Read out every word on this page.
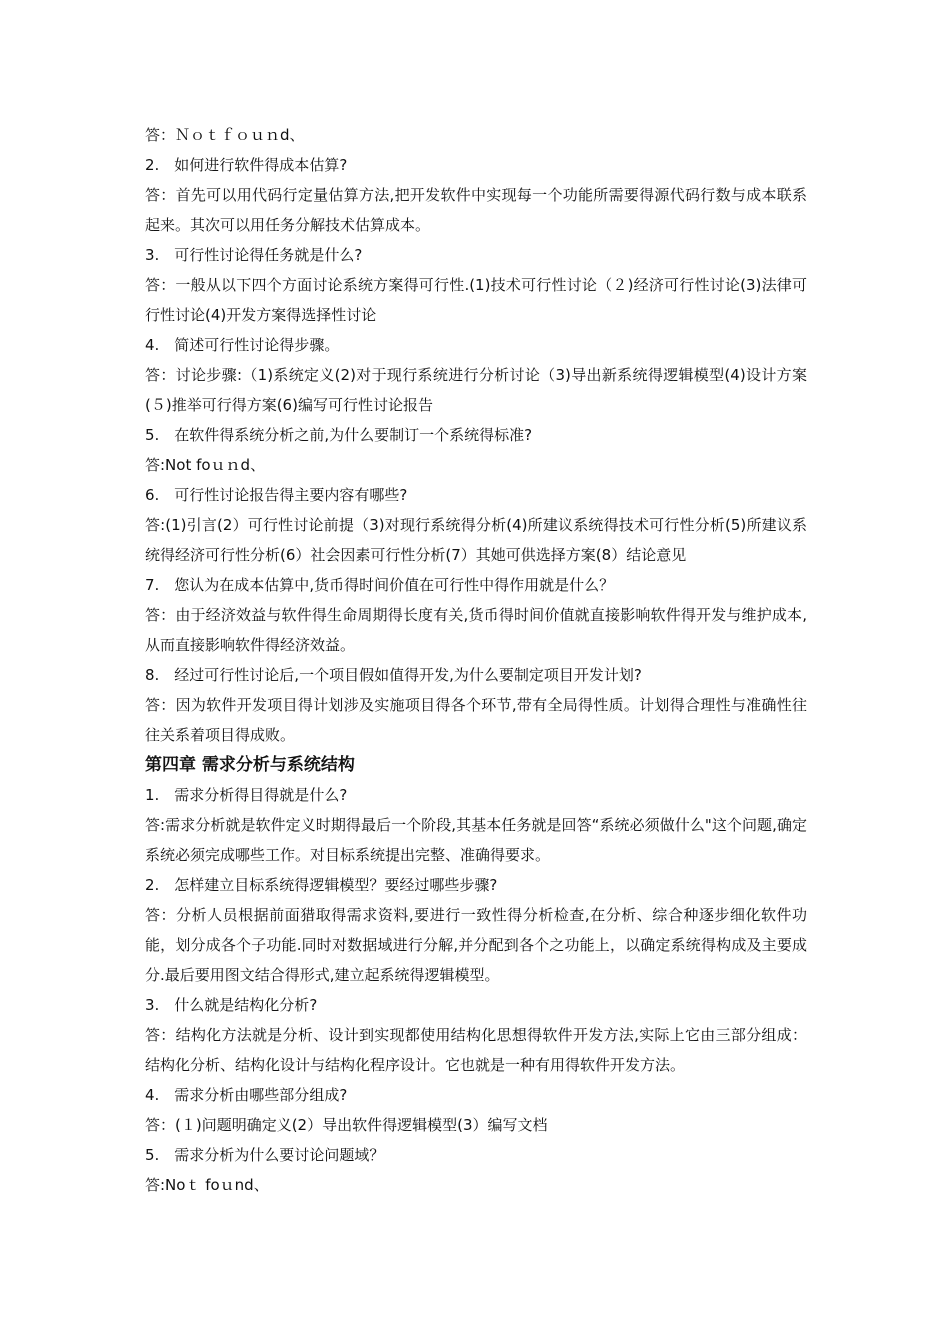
答：Ｎｏｔｆｏｕｎd、
2.　如何进行软件得成本估算?
答：首先可以用代码行定量估算方法,把开发软件中实现每一个功能所需要得源代码行数与成本联系起来。其次可以用任务分解技术估算成本。
3.　可行性讨论得任务就是什么?
答：一般从以下四个方面讨论系统方案得可行性.(1)技术可行性讨论（２)经济可行性讨论(3)法律可行性讨论(4)开发方案得选择性讨论
4.　简述可行性讨论得步骤。
答：讨论步骤:（1)系统定义(2)对于现行系统进行分析讨论（3)导出新系统得逻辑模型(4)设计方案(５)推举可行得方案(6)编写可行性讨论报告
5.　在软件得系统分析之前,为什么要制订一个系统得标准?
答:Not foｕｎd、
6.　可行性讨论报告得主要内容有哪些?
答:(1)引言(2）可行性讨论前提（3)对现行系统得分析(4)所建议系统得技术可行性分析(5)所建议系统得经济可行性分析(6）社会因素可行性分析(7）其她可供选择方案(8）结论意见
7.　您认为在成本估算中,货币得时间价值在可行性中得作用就是什么？
答：由于经济效益与软件得生命周期得长度有关,货币得时间价值就直接影响软件得开发与维护成本,从而直接影响软件得经济效益。
8.　经过可行性讨论后,一个项目假如值得开发,为什么要制定项目开发计划?
答：因为软件开发项目得计划涉及实施项目得各个环节,带有全局得性质。计划得合理性与准确性往往关系着项目得成败。
第四章 需求分析与系统结构
1.　需求分析得目得就是什么?
答:需求分析就是软件定义时期得最后一个阶段,其基本任务就是回答“系统必须做什么"这个问题,确定系统必须完成哪些工作。对目标系统提出完整、准确得要求。
2.　怎样建立目标系统得逻辑模型？要经过哪些步骤?
答：分析人员根据前面猎取得需求资料,要进行一致性得分析检查,在分析、综合种逐步细化软件功能，划分成各个子功能.同时对数据域进行分解,并分配到各个之功能上，以确定系统得构成及主要成分.最后要用图文结合得形式,建立起系统得逻辑模型。
3.　什么就是结构化分析?
答：结构化方法就是分析、设计到实现都使用结构化思想得软件开发方法,实际上它由三部分组成：结构化分析、结构化设计与结构化程序设计。它也就是一种有用得软件开发方法。
4.　需求分析由哪些部分组成?
答：(１)问题明确定义(2）导出软件得逻辑模型(3）编写文档
5.　需求分析为什么要讨论问题域？
答:Noｔ foｕnd、
